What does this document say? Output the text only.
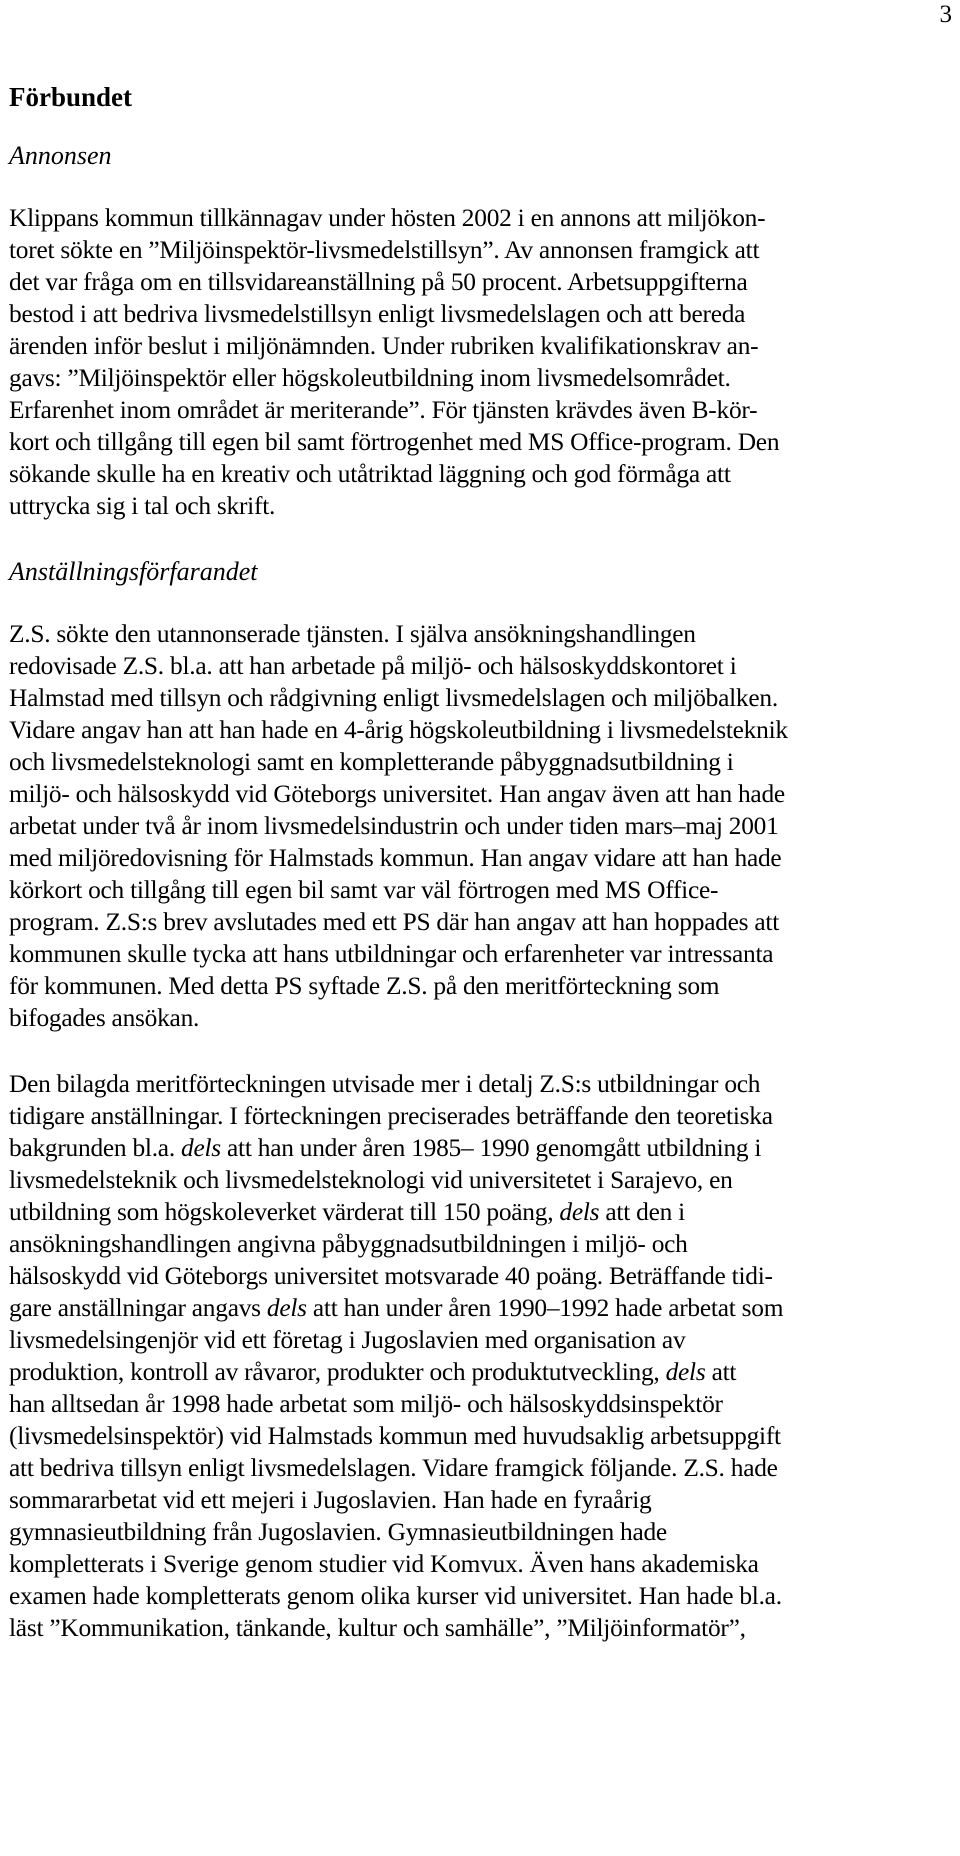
3
Förbundet
Annonsen

Klippans kommun tillkännagav under hösten 2002 i en annons att miljökon-
toret sökte en ”Miljöinspektör-livsmedelstillsyn”. Av annonsen framgick att
det var fråga om en tillsvidareanställning på 50 procent. Arbetsuppgifterna
bestod i att bedriva livsmedelstillsyn enligt livsmedelslagen och att bereda
ärenden inför beslut i miljönämnden. Under rubriken kvalifikationskrav an-
gavs: ”Miljöinspektör eller högskoleutbildning inom livsmedelsområdet.
Erfarenhet inom området är meriterande”. För tjänsten krävdes även B-kör-
kort och tillgång till egen bil samt förtrogenhet med MS Office-program. Den
sökande skulle ha en kreativ och utåtriktad läggning och god förmåga att
uttrycka sig i tal och skrift.

Anställningsförfarandet

Z.S. sökte den utannonserade tjänsten. I själva ansökningshandlingen
redovisade Z.S. bl.a. att han arbetade på miljö- och hälsoskyddskontoret i
Halmstad med tillsyn och rådgivning enligt livsmedelslagen och miljöbalken.
Vidare angav han att han hade en 4-årig högskoleutbildning i livsmedelsteknik
och livsmedelsteknologi samt en kompletterande påbyggnadsutbildning i
miljö- och hälsoskydd vid Göteborgs universitet. Han angav även att han hade
arbetat under två år inom livsmedelsindustrin och under tiden mars–maj 2001
med miljöredovisning för Halmstads kommun. Han angav vidare att han hade
körkort och tillgång till egen bil samt var väl förtrogen med MS Office-
program. Z.S:s brev avslutades med ett PS där han angav att han hoppades att
kommunen skulle tycka att hans utbildningar och erfarenheter var intressanta
för kommunen. Med detta PS syftade Z.S. på den meritförteckning som
bifogades ansökan.

Den bilagda meritförteckningen utvisade mer i detalj Z.S:s utbildningar och
tidigare anställningar. I förteckningen preciserades beträffande den teoretiska
bakgrunden bl.a. dels att han under åren 1985– 1990 genomgått utbildning i
livsmedelsteknik och livsmedelsteknologi vid universitetet i Sarajevo, en
utbildning som högskoleverket värderat till 150 poäng, dels att den i
ansökningshandlingen angivna påbyggnadsutbildningen i miljö- och
hälsoskydd vid Göteborgs universitet motsvarade 40 poäng. Beträffande tidi-
gare anställningar angavs dels att han under åren 1990–1992 hade arbetat som
livsmedelsingenjör vid ett företag i Jugoslavien med organisation av
produktion, kontroll av råvaror, produkter och produktutveckling, dels att
han alltsedan år 1998 hade arbetat som miljö- och hälsoskyddsinspektör
(livsmedelsinspektör) vid Halmstads kommun med huvudsaklig arbetsuppgift
att bedriva tillsyn enligt livsmedelslagen. Vidare framgick följande. Z.S. hade
sommararbetat vid ett mejeri i Jugoslavien. Han hade en fyraårig
gymnasieutbildning från Jugoslavien. Gymnasieutbildningen hade
kompletterats i Sverige genom studier vid Komvux. Även hans akademiska
examen hade kompletterats genom olika kurser vid universitet. Han hade bl.a.
läst ”Kommunikation, tänkande, kultur och samhälle”, ”Miljöinformatör”,
